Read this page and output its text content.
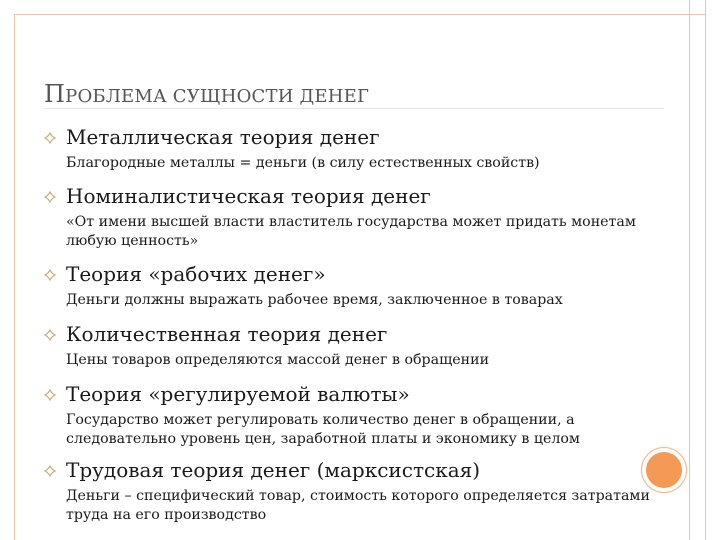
ПРОБЛЕМА СУЩНОСТИ ДЕНЕГ
Металлическая теория денег
Благородные металлы = деньги (в силу естественных свойств)
Номиналистическая теория денег
«От имени высшей власти властитель государства может придать монетам любую ценность»
Теория «рабочих денег»
Деньги должны выражать рабочее время, заключенное в товарах
Количественная теория денег
Цены товаров определяются массой денег в обращении
Теория «регулируемой валюты»
Государство может регулировать количество денег в обращении, а следовательно уровень цен, заработной платы и экономику в целом
Трудовая теория денег (марксистская)
Деньги – специфический товар, стоимость которого определяется затратами труда на его производство
